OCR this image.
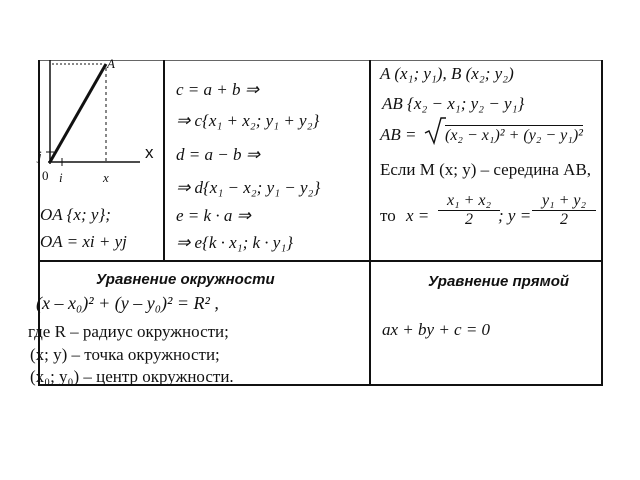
A
x
j
0 i	x
OA {x; y};
OA = xi + yj
c = a + b ⇒
⇒ c{x₁ + x₂; y₁ + y₂}
d = a − b ⇒
⇒ d{x₁ − x₂; y₁ − y₂}
e = k · a ⇒
⇒ e{k · x₁; k · y₁}
A (x₁; y₁), B (x₂; y₂)
AB {x₂ − x₁; y₂ − y₁}
AB = (x₂ − x₁)² + (y₂ − y₁)²
Если M (x; y) – середина AB,
то $x = \frac{\text{x₁ + x₂}}{2}$
; $y = \frac{\text{y₁ + y₂}}{2}$
Уравнение окружности
(x – x₀)² + (y – y₀)² = R² ,
где R – радиус окружности;
(x; y) – точка окружности;
(x₀; y₀) – центр окружности.
Уравнение прямой
ax + by + c = 0
